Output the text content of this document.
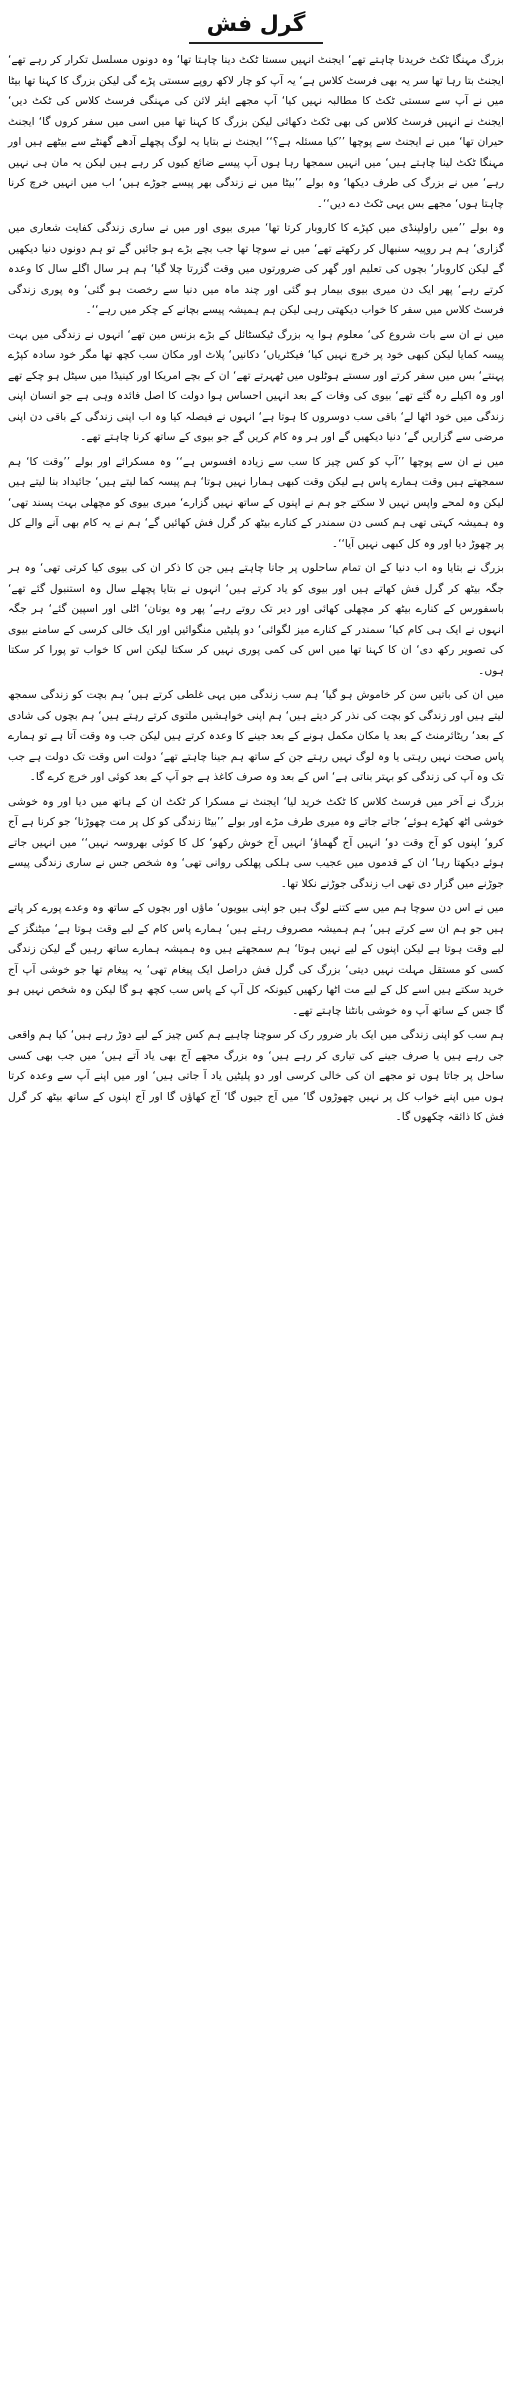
گرل فش

بزرگ مہنگا ٹکٹ خریدنا چاہتے تھے‘ ایجنٹ انہیں سستا ٹکٹ دینا چاہتا تھا‘ وہ دونوں مسلسل تکرار کر رہے تھے‘ ایجنٹ بتا رہا تھا سر یہ بھی فرسٹ کلاس ہے‘ یہ آپ کو چار لاکھ روپے سستی پڑے گی لیکن بزرگ کا کہنا تھا بیٹا میں نے آپ سے سستی ٹکٹ کا مطالبہ نہیں کیا‘ آپ مجھے ایئر لائن کی مہنگی فرسٹ کلاس کی ٹکٹ دیں‘ ایجنٹ نے انہیں فرسٹ کلاس کی بھی ٹکٹ دکھائی لیکن بزرگ کا کہنا تھا میں اسی میں سفر کروں گا‘ ایجنٹ حیران تھا‘ میں نے ایجنٹ سے پوچھا ’’کیا مسئلہ ہے؟‘‘ ایجنٹ نے بتایا یہ لوگ پچھلے آدھے گھنٹے سے بیٹھے ہیں اور مہنگا ٹکٹ لینا چاہتے ہیں‘ میں انہیں سمجھا رہا ہوں آپ پیسے ضائع کیوں کر رہے ہیں لیکن یہ مان ہی نہیں رہے‘ میں نے بزرگ کی طرف دیکھا‘ وہ بولے ’’بیٹا میں نے زندگی بھر پیسے جوڑے ہیں‘ اب میں انہیں خرچ کرنا چاہتا ہوں‘ مجھے بس یہی ٹکٹ دے دیں‘‘۔

وہ بولے ’’میں راولپنڈی میں کپڑے کا کاروبار کرتا تھا‘ میری بیوی اور میں نے ساری زندگی کفایت شعاری میں گزاری‘ ہم ہر روپیہ سنبھال کر رکھتے تھے‘ میں نے سوچا تھا جب بچے بڑے ہو جائیں گے تو ہم دونوں دنیا دیکھیں گے لیکن کاروبار‘ بچوں کی تعلیم اور گھر کی ضرورتوں میں وقت گزرتا چلا گیا‘ ہم ہر سال اگلے سال کا وعدہ کرتے رہے‘ پھر ایک دن میری بیوی بیمار ہو گئی اور چند ماہ میں دنیا سے رخصت ہو گئی‘ وہ پوری زندگی فرسٹ کلاس میں سفر کا خواب دیکھتی رہی لیکن ہم ہمیشہ پیسے بچانے کے چکر میں رہے‘‘۔

میں نے ان سے بات شروع کی‘ معلوم ہوا یہ بزرگ ٹیکسٹائل کے بڑے بزنس مین تھے‘ انہوں نے زندگی میں بہت پیسہ کمایا لیکن کبھی خود پر خرچ نہیں کیا‘ فیکٹریاں‘ دکانیں‘ پلاٹ اور مکان سب کچھ تھا مگر خود سادہ کپڑے پہنتے‘ بس میں سفر کرتے اور سستے ہوٹلوں میں ٹھہرتے تھے‘ ان کے بچے امریکا اور کینیڈا میں سیٹل ہو چکے تھے اور وہ اکیلے رہ گئے تھے‘ بیوی کی وفات کے بعد انہیں احساس ہوا دولت کا اصل فائدہ وہی ہے جو انسان اپنی زندگی میں خود اٹھا لے‘ باقی سب دوسروں کا ہوتا ہے‘ انہوں نے فیصلہ کیا وہ اب اپنی زندگی کے باقی دن اپنی مرضی سے گزاریں گے‘ دنیا دیکھیں گے اور ہر وہ کام کریں گے جو بیوی کے ساتھ کرنا چاہتے تھے۔

میں نے ان سے پوچھا ’’آپ کو کس چیز کا سب سے زیادہ افسوس ہے‘‘ وہ مسکرائے اور بولے ’’وقت کا‘ ہم سمجھتے ہیں وقت ہمارے پاس ہے لیکن وقت کبھی ہمارا نہیں ہوتا‘ ہم پیسہ کما لیتے ہیں‘ جائیداد بنا لیتے ہیں لیکن وہ لمحے واپس نہیں لا سکتے جو ہم نے اپنوں کے ساتھ نہیں گزارے‘ میری بیوی کو مچھلی بہت پسند تھی‘ وہ ہمیشہ کہتی تھی ہم کسی دن سمندر کے کنارے بیٹھ کر گرل فش کھائیں گے‘ ہم نے یہ کام بھی آنے والے کل پر چھوڑ دیا اور وہ کل کبھی نہیں آیا‘‘۔

بزرگ نے بتایا وہ اب دنیا کے ان تمام ساحلوں پر جانا چاہتے ہیں جن کا ذکر ان کی بیوی کیا کرتی تھی‘ وہ ہر جگہ بیٹھ کر گرل فش کھاتے ہیں اور بیوی کو یاد کرتے ہیں‘ انہوں نے بتایا پچھلے سال وہ استنبول گئے تھے‘ باسفورس کے کنارے بیٹھ کر مچھلی کھائی اور دیر تک روتے رہے‘ پھر وہ یونان‘ اٹلی اور اسپین گئے‘ ہر جگہ انہوں نے ایک ہی کام کیا‘ سمندر کے کنارے میز لگوائی‘ دو پلیٹیں منگوائیں اور ایک خالی کرسی کے سامنے بیوی کی تصویر رکھ دی‘ ان کا کہنا تھا میں اس کی کمی پوری نہیں کر سکتا لیکن اس کا خواب تو پورا کر سکتا ہوں۔

میں ان کی باتیں سن کر خاموش ہو گیا‘ ہم سب زندگی میں یہی غلطی کرتے ہیں‘ ہم بچت کو زندگی سمجھ لیتے ہیں اور زندگی کو بچت کی نذر کر دیتے ہیں‘ ہم اپنی خواہشیں ملتوی کرتے رہتے ہیں‘ ہم بچوں کی شادی کے بعد‘ ریٹائرمنٹ کے بعد یا مکان مکمل ہونے کے بعد جینے کا وعدہ کرتے ہیں لیکن جب وہ وقت آتا ہے تو ہمارے پاس صحت نہیں رہتی یا وہ لوگ نہیں رہتے جن کے ساتھ ہم جینا چاہتے تھے‘ دولت اس وقت تک دولت ہے جب تک وہ آپ کی زندگی کو بہتر بناتی ہے‘ اس کے بعد وہ صرف کاغذ ہے جو آپ کے بعد کوئی اور خرچ کرے گا۔

بزرگ نے آخر میں فرسٹ کلاس کا ٹکٹ خرید لیا‘ ایجنٹ نے مسکرا کر ٹکٹ ان کے ہاتھ میں دیا اور وہ خوشی خوشی اٹھ کھڑے ہوئے‘ جاتے جاتے وہ میری طرف مڑے اور بولے ’’بیٹا زندگی کو کل پر مت چھوڑنا‘ جو کرنا ہے آج کرو‘ اپنوں کو آج وقت دو‘ انہیں آج گھماؤ‘ انہیں آج خوش رکھو‘ کل کا کوئی بھروسہ نہیں‘‘ میں انہیں جاتے ہوئے دیکھتا رہا‘ ان کے قدموں میں عجیب سی ہلکی پھلکی روانی تھی‘ وہ شخص جس نے ساری زندگی پیسے جوڑنے میں گزار دی تھی اب زندگی جوڑنے نکلا تھا۔

میں نے اس دن سوچا ہم میں سے کتنے لوگ ہیں جو اپنی بیویوں‘ ماؤں اور بچوں کے ساتھ وہ وعدے پورے کر پاتے ہیں جو ہم ان سے کرتے ہیں‘ ہم ہمیشہ مصروف رہتے ہیں‘ ہمارے پاس کام کے لیے وقت ہوتا ہے‘ میٹنگز کے لیے وقت ہوتا ہے لیکن اپنوں کے لیے نہیں ہوتا‘ ہم سمجھتے ہیں وہ ہمیشہ ہمارے ساتھ رہیں گے لیکن زندگی کسی کو مستقل مہلت نہیں دیتی‘ بزرگ کی گرل فش دراصل ایک پیغام تھی‘ یہ پیغام تھا جو خوشی آپ آج خرید سکتے ہیں اسے کل کے لیے مت اٹھا رکھیں کیونکہ کل آپ کے پاس سب کچھ ہو گا لیکن وہ شخص نہیں ہو گا جس کے ساتھ آپ وہ خوشی بانٹنا چاہتے تھے۔

ہم سب کو اپنی زندگی میں ایک بار ضرور رک کر سوچنا چاہیے ہم کس چیز کے لیے دوڑ رہے ہیں‘ کیا ہم واقعی جی رہے ہیں یا صرف جینے کی تیاری کر رہے ہیں‘ وہ بزرگ مجھے آج بھی یاد آتے ہیں‘ میں جب بھی کسی ساحل پر جاتا ہوں تو مجھے ان کی خالی کرسی اور دو پلیٹیں یاد آ جاتی ہیں‘ اور میں اپنے آپ سے وعدہ کرتا ہوں میں اپنے خواب کل پر نہیں چھوڑوں گا‘ میں آج جیوں گا‘ آج کھاؤں گا اور آج اپنوں کے ساتھ بیٹھ کر گرل فش کا ذائقہ چکھوں گا۔
